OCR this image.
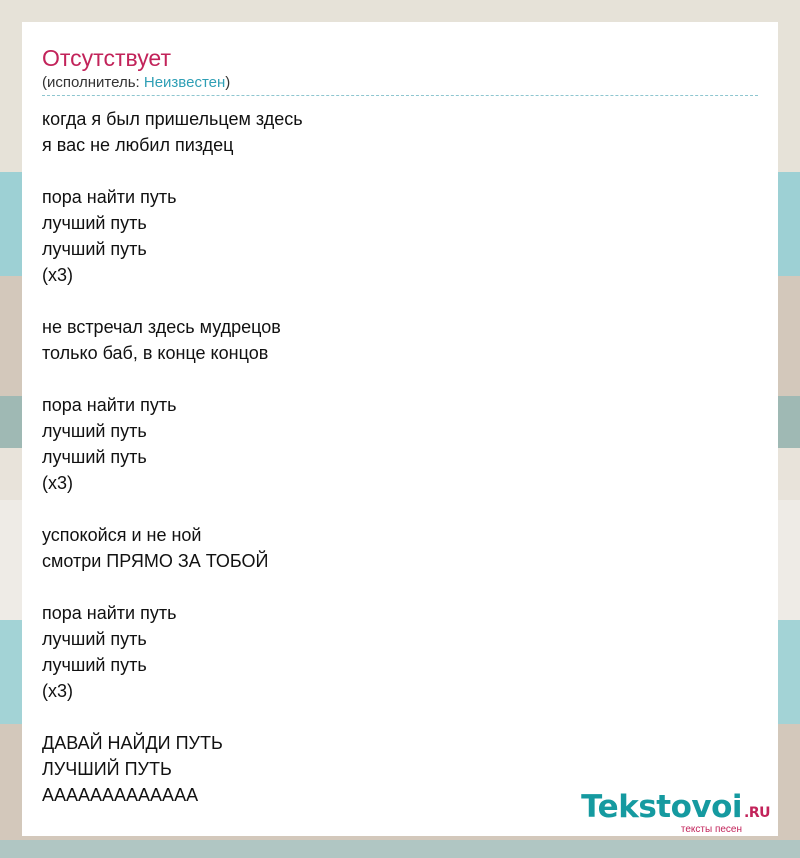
Отсутствует
(исполнитель: Неизвестен)
когда я был пришельцем здесь
я вас не любил пиздец
пора найти путь
лучший путь
лучший путь
(x3)
не встречал здесь мудрецов
только баб, в конце концов
пора найти путь
лучший путь
лучший путь
(x3)
успокойся и не ной
смотри ПРЯМО ЗА ТОБОЙ
пора найти путь
лучший путь
лучший путь
(x3)
ДАВАЙ НАЙДИ ПУТЬ
ЛУЧШИЙ ПУТЬ
ААААААААААААА	Tekstovoi .RU
тексты песен
